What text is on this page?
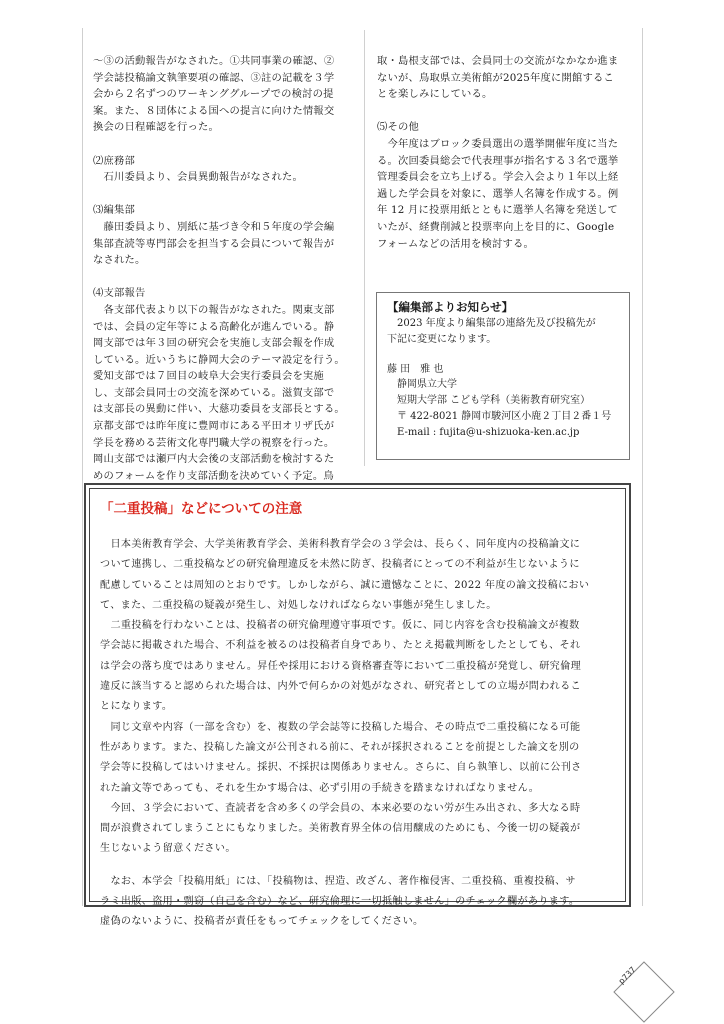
～③の活動報告がなされた。①共同事業の確認、②

学会誌投稿論文執筆要項の確認、③註の記載を３学

会から２名ずつのワーキンググループでの検討の提

案。また、８団体による国への提言に向けた情報交

換会の日程確認を行った。

⑵庶務部

　石川委員より、会員異動報告がなされた。

⑶編集部

　藤田委員より、別紙に基づき令和５年度の学会編

集部査読等専門部会を担当する会員について報告が

なされた。

⑷支部報告

　各支部代表より以下の報告がなされた。関東支部

では、会員の定年等による高齢化が進んでいる。静

岡支部では年３回の研究会を実施し支部会報を作成

している。近いうちに静岡大会のテーマ設定を行う。

愛知支部では７回目の岐阜大会実行委員会を実施

し、支部会員同士の交流を深めている。滋賀支部で

は支部長の異動に伴い、大慈功委員を支部長とする。

京都支部では昨年度に豊岡市にある平田オリザ氏が

学長を務める芸術文化専門職大学の視察を行った。

岡山支部では瀬戸内大会後の支部活動を検討するた

めのフォームを作り支部活動を決めていく予定。鳥

取・島根支部では、会員同士の交流がなかなか進ま

ないが、鳥取県立美術館が2025年度に開館するこ

とを楽しみにしている。

⑸その他

　今年度はブロック委員選出の選挙開催年度に当た

る。次回委員総会で代表理事が指名する３名で選挙

管理委員会を立ち上げる。学会入会より１年以上経

過した学会員を対象に、選挙人名簿を作成する。例

年 12 月に投票用紙とともに選挙人名簿を発送して

いたが、経費削減と投票率向上を目的に、Google

フォームなどの活用を検討する。

【編集部よりお知らせ】

　2023 年度より編集部の連絡先及び投稿先が

下記に変更になります。

藤 田　雅 也

　静岡県立大学

　短期大学部 こども学科（美術教育研究室）

　〒 422-8021 静岡市駿河区小鹿２丁目２番１号

　E-mail : fujita@u-shizuoka-ken.ac.jp

「二重投稿」などについての注意

　日本美術教育学会、大学美術教育学会、美術科教育学会の３学会は、長らく、同年度内の投稿論文に

ついて連携し、二重投稿などの研究倫理違反を未然に防ぎ、投稿者にとっての不利益が生じないように

配慮していることは周知のとおりです。しかしながら、誠に遺憾なことに、2022 年度の論文投稿におい

て、また、二重投稿の疑義が発生し、対処しなければならない事態が発生しました。

　二重投稿を行わないことは、投稿者の研究倫理遵守事項です。仮に、同じ内容を含む投稿論文が複数

学会誌に掲載された場合、不利益を被るのは投稿者自身であり、たとえ掲載判断をしたとしても、それ

は学会の落ち度ではありません。昇任や採用における資格審査等において二重投稿が発覚し、研究倫理

違反に該当すると認められた場合は、内外で何らかの対処がなされ、研究者としての立場が問われるこ

とになります。

　同じ文章や内容（一部を含む）を、複数の学会誌等に投稿した場合、その時点で二重投稿になる可能

性があります。また、投稿した論文が公刊される前に、それが採択されることを前提とした論文を別の

学会等に投稿してはいけません。採択、不採択は関係ありません。さらに、自ら執筆し、以前に公刊さ

れた論文等であっても、それを生かす場合は、必ず引用の手続きを踏まなければなりません。

　今回、３学会において、査読者を含め多くの学会員の、本来必要のない労が生み出され、多大なる時

間が浪費されてしまうことにもなりました。美術教育界全体の信用醸成のためにも、今後一切の疑義が

生じないよう留意ください。

　なお、本学会「投稿用紙」には、「投稿物は、捏造、改ざん、著作権侵害、二重投稿、重複投稿、サ

ラミ出版、盗用・剽窃（自己を含む）など、研究倫理に一切抵触しません」のチェック欄があります。

虚偽のないように、投稿者が責任をもってチェックをしてください。

p737
